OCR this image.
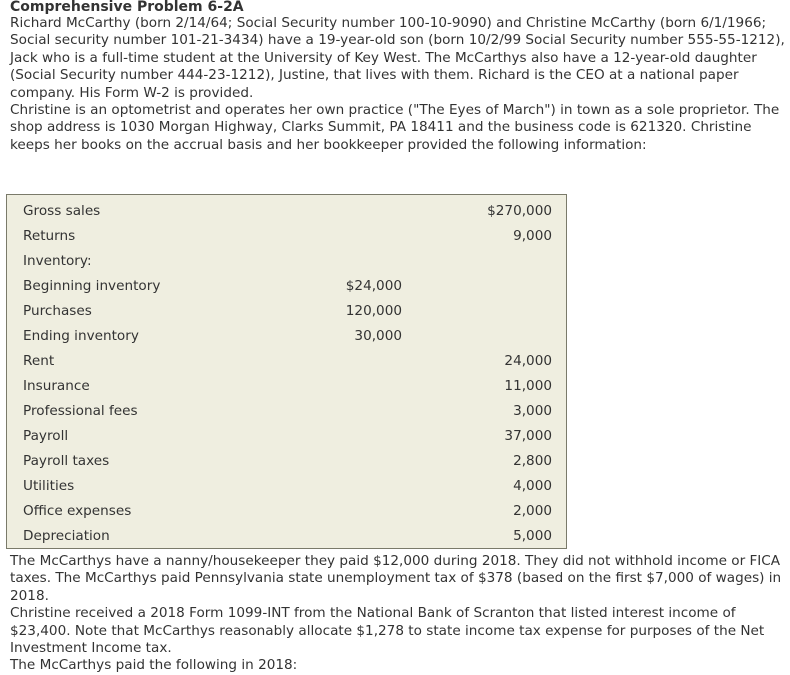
Comprehensive Problem 6-2A
Richard McCarthy (born 2/14/64; Social Security number 100-10-9090) and Christine McCarthy (born 6/1/1966; Social security number 101-21-3434) have a 19-year-old son (born 10/2/99 Social Security number 555-55-1212), Jack who is a full-time student at the University of Key West. The McCarthys also have a 12-year-old daughter (Social Security number 444-23-1212), Justine, that lives with them. Richard is the CEO at a national paper company. His Form W-2 is provided.
Christine is an optometrist and operates her own practice ("The Eyes of March") in town as a sole proprietor. The shop address is 1030 Morgan Highway, Clarks Summit, PA 18411 and the business code is 621320. Christine keeps her books on the accrual basis and her bookkeeper provided the following information:
Gross sales	$270,000
Returns	9,000
Inventory:
Beginning inventory	$24,000
Purchases	120,000
Ending inventory	30,000
Rent	24,000
Insurance	11,000
Professional fees	3,000
Payroll	37,000
Payroll taxes	2,800
Utilities	4,000
Office expenses	2,000
Depreciation	5,000
The McCarthys have a nanny/housekeeper they paid $12,000 during 2018. They did not withhold income or FICA taxes. The McCarthys paid Pennsylvania state unemployment tax of $378 (based on the first $7,000 of wages) in 2018.
Christine received a 2018 Form 1099-INT from the National Bank of Scranton that listed interest income of $23,400. Note that McCarthys reasonably allocate $1,278 to state income tax expense for purposes of the Net Investment Income tax.
The McCarthys paid the following in 2018:
